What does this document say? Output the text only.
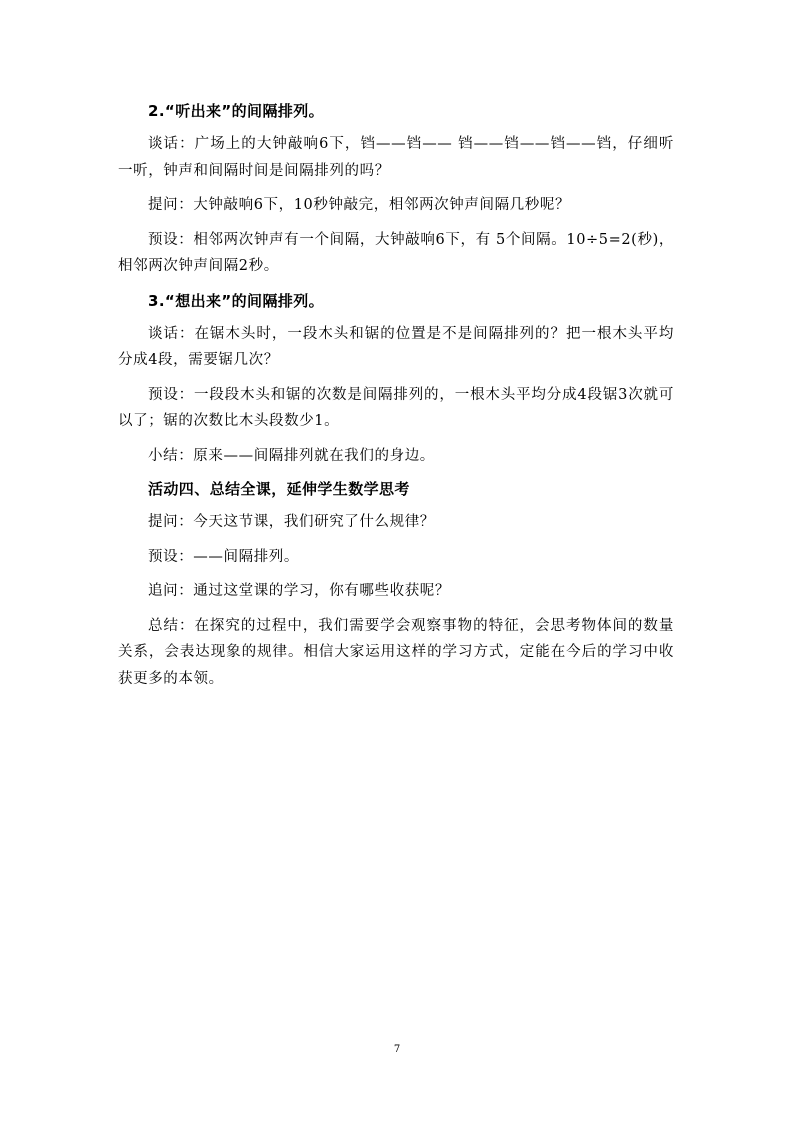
2.“听出来”的间隔排列。

谈话：广场上的大钟敲响6下，铛——铛—— 铛——铛——铛——铛，仔细听一听，钟声和间隔时间是间隔排列的吗？

提问：大钟敲响6下，10秒钟敲完，相邻两次钟声间隔几秒呢？

预设：相邻两次钟声有一个间隔，大钟敲响6下，有 5个间隔。10÷5=2(秒)，相邻两次钟声间隔2秒。

3.“想出来”的间隔排列。

谈话：在锯木头时，一段木头和锯的位置是不是间隔排列的？把一根木头平均分成4段，需要锯几次？

预设：一段段木头和锯的次数是间隔排列的，一根木头平均分成4段锯3次就可以了；锯的次数比木头段数少1。

小结：原来——间隔排列就在我们的身边。

活动四、总结全课，延伸学生数学思考

提问：今天这节课，我们研究了什么规律？

预设：——间隔排列。

追问：通过这堂课的学习，你有哪些收获呢？

总结：在探究的过程中，我们需要学会观察事物的特征，会思考物体间的数量关系，会表达现象的规律。相信大家运用这样的学习方式，定能在今后的学习中收获更多的本领。

7
